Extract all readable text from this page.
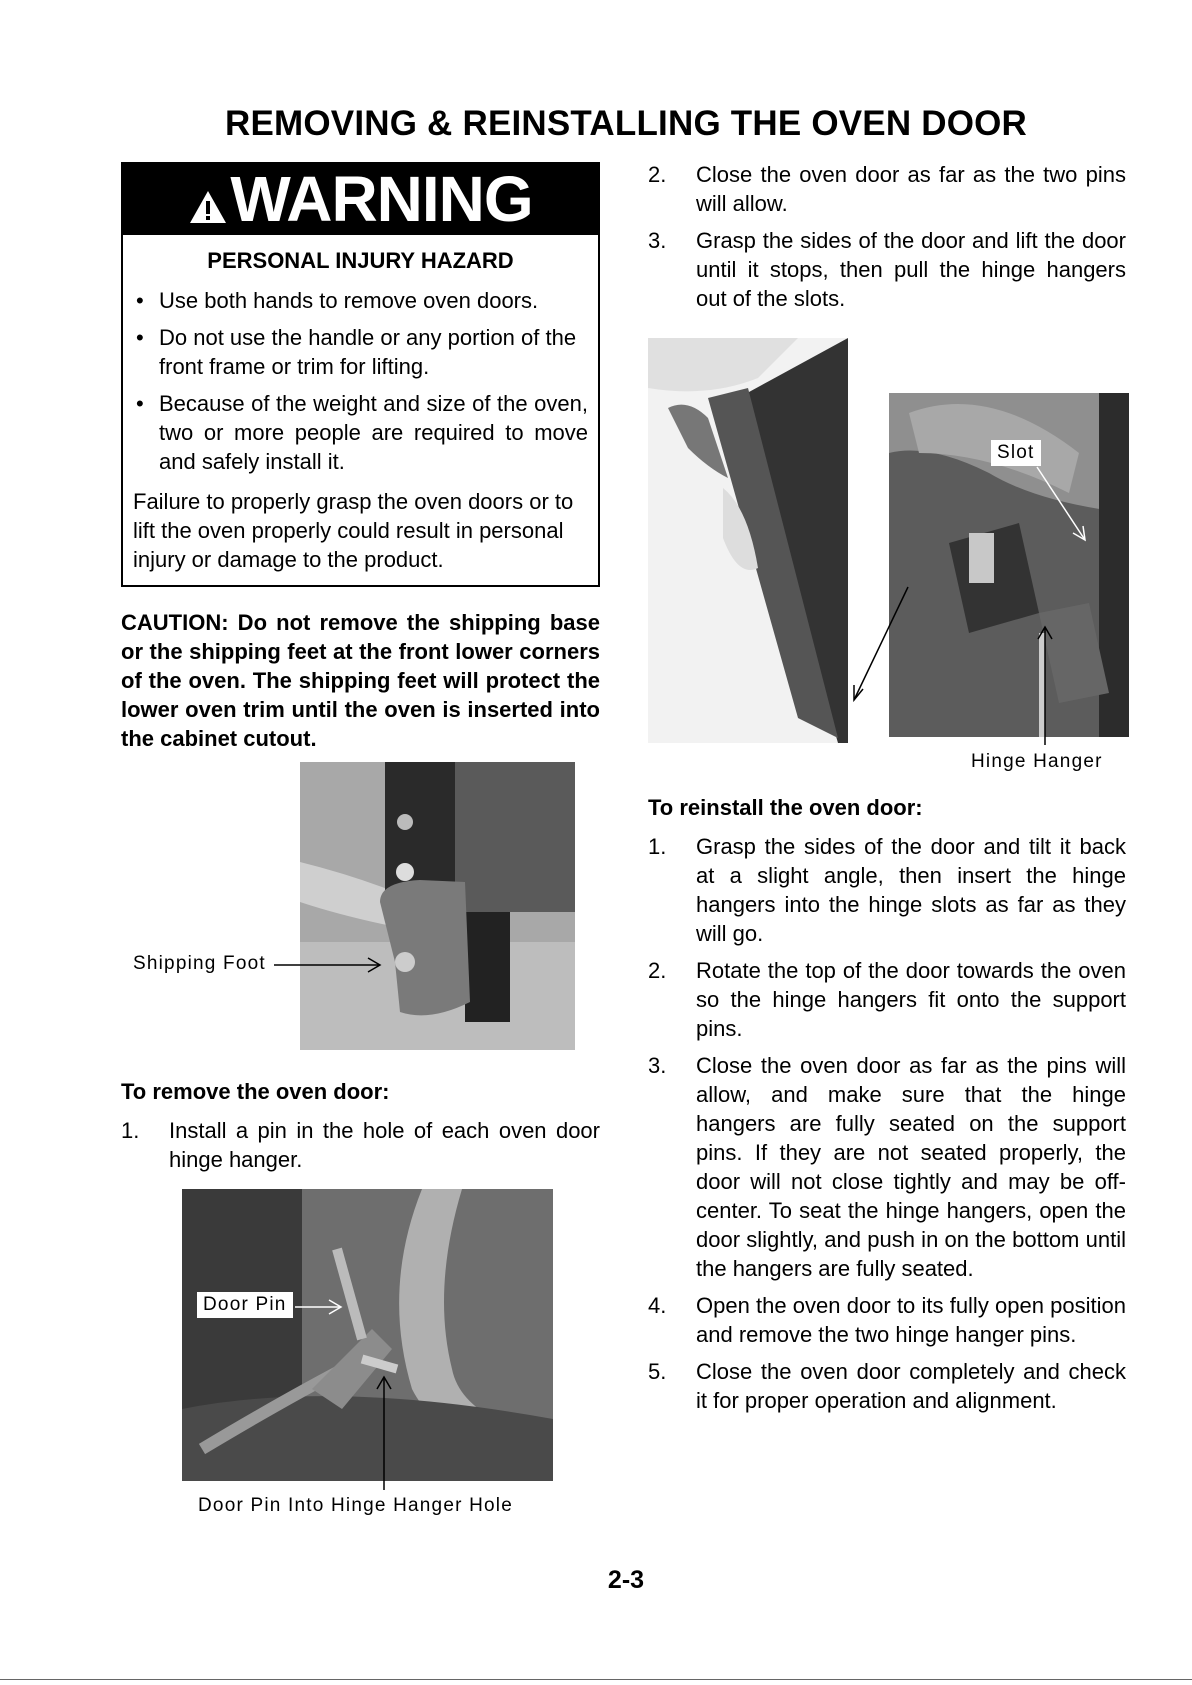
REMOVING & REINSTALLING THE OVEN DOOR
WARNING
PERSONAL INJURY HAZARD
• Use both hands to remove oven doors.
• Do not use the handle or any portion of the front frame or trim for lifting.
• Because of the weight and size of the oven, two or more people are required to move and safely install it.
Failure to properly grasp the oven doors or to lift the oven properly could result in personal injury or damage to the product.
CAUTION: Do not remove the shipping base or the shipping feet at the front lower corners of the oven. The shipping feet will protect the lower oven trim until the oven is inserted into the cabinet cutout.
Shipping Foot
To remove the oven door:
1. Install a pin in the hole of each oven door hinge hanger.
Door Pin
Door Pin Into Hinge Hanger Hole
2. Close the oven door as far as the two pins will allow.
3. Grasp the sides of the door and lift the door until it stops, then pull the hinge hangers out of the slots.
Slot
Hinge Hanger
To reinstall the oven door:
1. Grasp the sides of the door and tilt it back at a slight angle, then insert the hinge hangers into the hinge slots as far as they will go.
2. Rotate the top of the door towards the oven so the hinge hangers fit onto the support pins.
3. Close the oven door as far as the pins will allow, and make sure that the hinge hangers are fully seated on the support pins. If they are not seated properly, the door will not close tightly and may be off-center. To seat the hinge hangers, open the door slightly, and push in on the bottom until the hangers are fully seated.
4. Open the oven door to its fully open position and remove the two hinge hanger pins.
5. Close the oven door completely and check it for proper operation and alignment.
2-3
